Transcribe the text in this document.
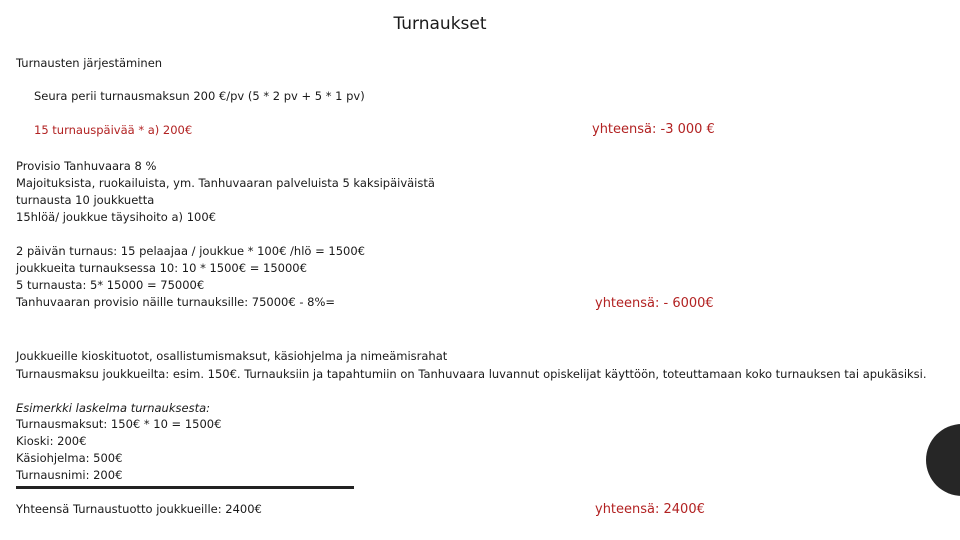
Turnaukset
Turnausten järjestäminen
Seura perii turnausmaksun 200 €/pv (5 * 2 pv + 5 * 1 pv)
15 turnauspäivää * a) 200€	yhteensä: -3 000 €
Provisio Tanhuvaara 8 %
Majoituksista, ruokailuista, ym. Tanhuvaaran palveluista 5 kaksipäiväistä
turnausta 10 joukkuetta
15hlöä/ joukkue täysihoito a) 100€
2 päivän turnaus: 15 pelaajaa / joukkue * 100€ /hlö = 1500€
joukkueita turnauksessa 10: 10 * 1500€ = 15000€
5 turnausta: 5* 15000 = 75000€
Tanhuvaaran provisio näille turnauksille: 75000€ - 8%=	yhteensä: - 6000€
Joukkueille kioskituotot, osallistumismaksut, käsiohjelma ja nimeämisrahat
Turnausmaksu joukkueilta: esim. 150€. Turnauksiin ja tapahtumiin on Tanhuvaara luvannut opiskelijat käyttöön, toteuttamaan koko turnauksen tai apukäsiksi.
Esimerkki laskelma turnauksesta:
Turnausmaksut: 150€ * 10 = 1500€
Kioski: 200€
Käsiohjelma: 500€
Turnausnimi: 200€
Yhteensä Turnaustuotto joukkueille: 2400€	yhteensä: 2400€
